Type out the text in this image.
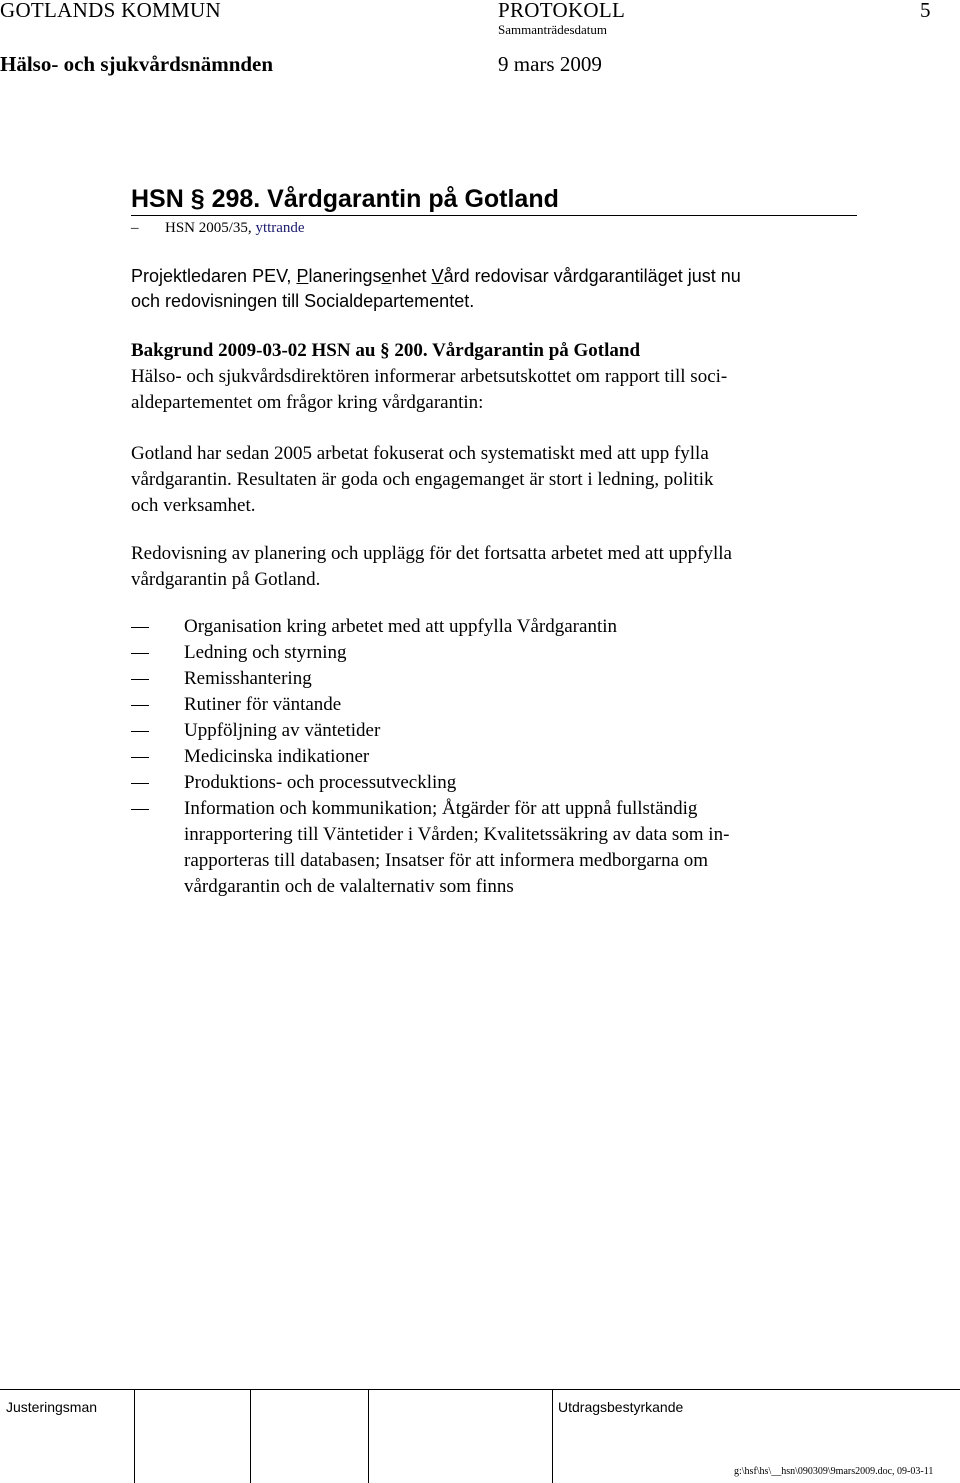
GOTLANDS KOMMUN	PROTOKOLL	5
Sammanträdesdatum
Hälso- och sjukvårdsnämnden	9 mars 2009
HSN § 298. Vårdgarantin på Gotland
– HSN 2005/35, yttrande
Projektledaren PEV, Planeringsenhet Vård redovisar vårdgarantiläget just nu
och redovisningen till Socialdepartementet.
Bakgrund 2009-03-02 HSN au § 200. Vårdgarantin på Gotland
Hälso- och sjukvårdsdirektören informerar arbetsutskottet om rapport till soci-
aldepartementet om frågor kring vårdgarantin:
Gotland har sedan 2005 arbetat fokuserat och systematiskt med att upp fylla
vårdgarantin. Resultaten är goda och engagemanget är stort i ledning, politik
och verksamhet.
Redovisning av planering och upplägg för det fortsatta arbetet med att uppfylla
vårdgarantin på Gotland.
Organisation kring arbetet med att uppfylla Vårdgarantin
Ledning och styrning
Remisshantering
Rutiner för väntande
Uppföljning av väntetider
Medicinska indikationer
Produktions- och processutveckling
Information och kommunikation; Åtgärder för att uppnå fullständig
inrapportering till Väntetider i Vården; Kvalitetssäkring av data som in-
rapporteras till databasen; Insatser för att informera medborgarna om
vårdgarantin och de valalternativ som finns
Justeringsman	Utdragsbestyrkande
g:\hsf\hs\__hsn\090309\9mars2009.doc, 09-03-11
